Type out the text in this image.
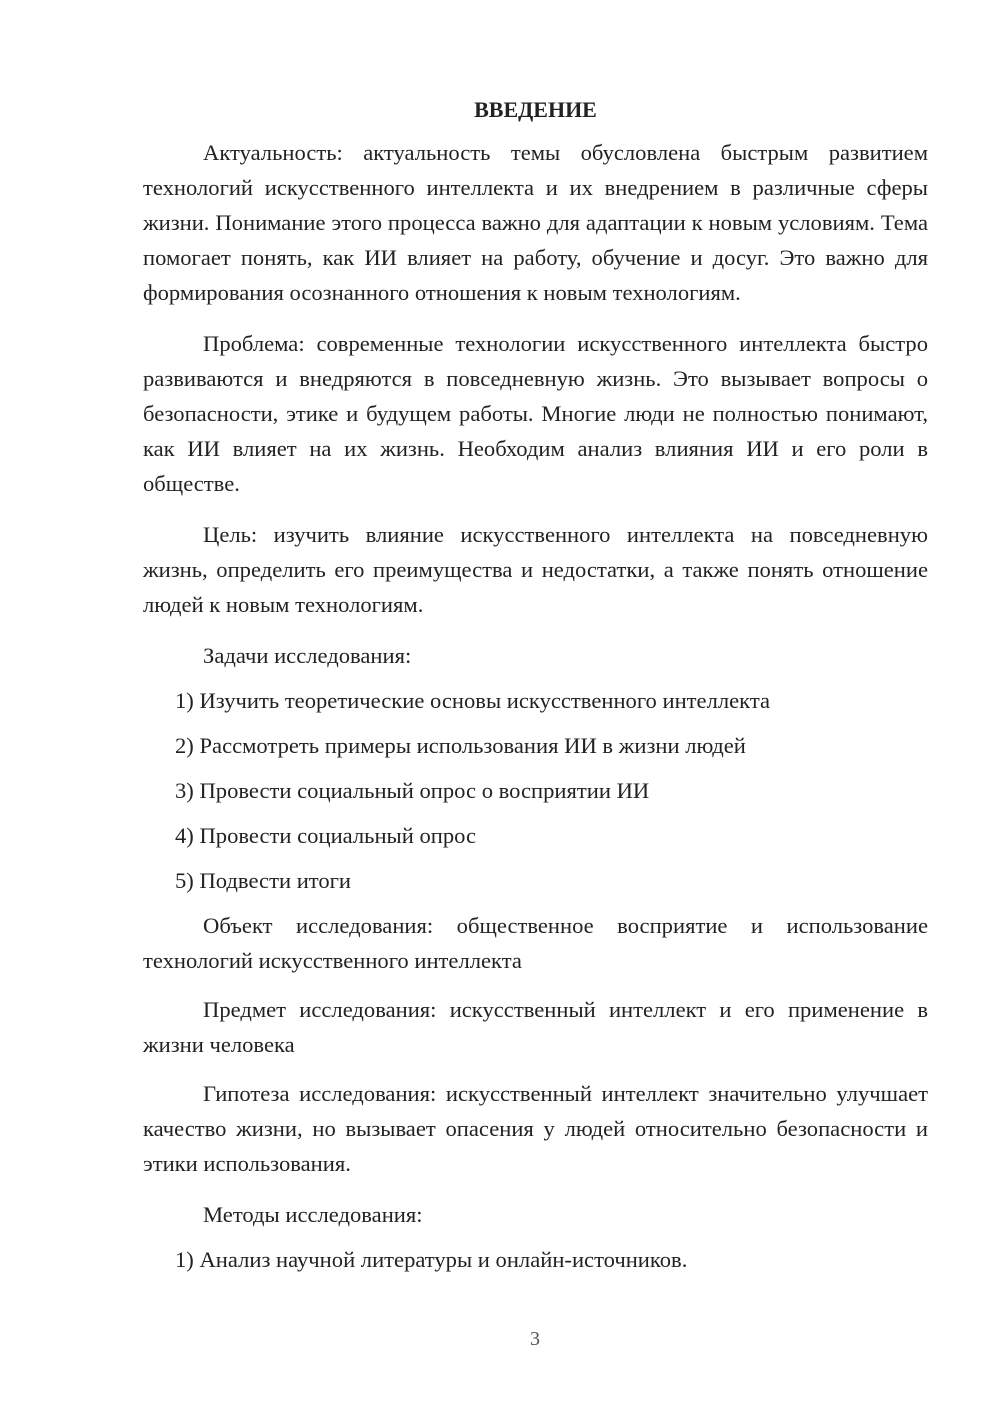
ВВЕДЕНИЕ

Актуальность: актуальность темы обусловлена быстрым развитием технологий искусственного интеллекта и их внедрением в различные сферы жизни. Понимание этого процесса важно для адаптации к новым условиям. Тема помогает понять, как ИИ влияет на работу, обучение и досуг. Это важно для формирования осознанного отношения к новым технологиям.

Проблема: современные технологии искусственного интеллекта быстро развиваются и внедряются в повседневную жизнь. Это вызывает вопросы о безопасности, этике и будущем работы. Многие люди не полностью понимают, как ИИ влияет на их жизнь. Необходим анализ влияния ИИ и его роли в обществе.

Цель: изучить влияние искусственного интеллекта на повседневную жизнь, определить его преимущества и недостатки, а также понять отношение людей к новым технологиям.

Задачи исследования:

1) Изучить теоретические основы искусственного интеллекта
2) Рассмотреть примеры использования ИИ в жизни людей
3) Провести социальный опрос о восприятии ИИ
4) Провести социальный опрос
5) Подвести итоги

Объект исследования: общественное восприятие и использование технологий искусственного интеллекта

Предмет исследования: искусственный интеллект и его применение в жизни человека

Гипотеза исследования: искусственный интеллект значительно улучшает качество жизни, но вызывает опасения у людей относительно безопасности и этики использования.

Методы исследования:

1) Анализ научной литературы и онлайн-источников.
3
